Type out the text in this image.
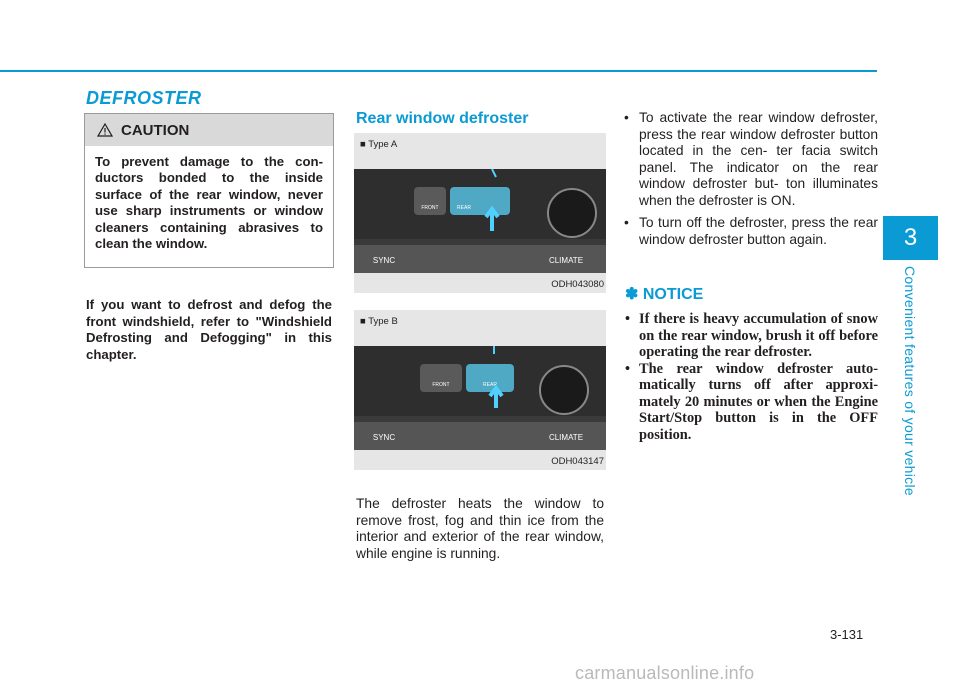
3
Convenient features of your vehicle
DEFROSTER
CAUTION
To prevent damage to the con- ductors bonded to the inside surface of the rear window, never use sharp instruments or window cleaners containing abrasives to clean the window.
If you want to defrost and defog the front windshield, refer to "Windshield Defrosting and Defogging" in this chapter.
Rear window defroster
■ Type A
FRONT	REAR
SYNC	CLIMATE
ODH043080
■ Type B
FRONT	REAR
SYNC	CLIMATE
ODH043147
The defroster heats the window to remove frost, fog and thin ice from the interior and exterior of the rear window, while engine is running.
• To activate the rear window defroster, press the rear window defroster button located in the cen- ter facia switch panel. The indicator on the rear window defroster but- ton illuminates when the defroster is ON.
• To turn off the defroster, press the rear window defroster button again.
✽ NOTICE
• If there is heavy accumulation of snow on the rear window, brush it off before operating the rear defroster.
• The rear window defroster auto- matically turns off after approxi- mately 20 minutes or when the Engine Start/Stop button is in the OFF position.
3-131
carmanualsonline.info
